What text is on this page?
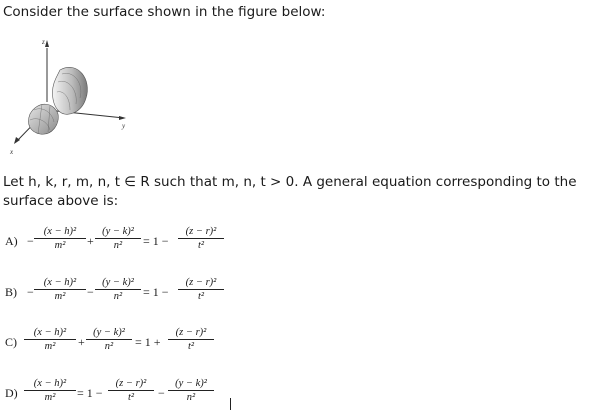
Consider the surface shown in the figure below:
z
y
x
Let h, k, r, m, n, t ∈ R such that m, n, t > 0. A general equation corresponding to the surface above is:
A) −
(x − h)²
m²	+
(y − k)²
n²	= 1 −
(z − r)²
t²
B) −
(x − h)²
m²	−
(y − k)²
n²	= 1 −
(z − r)²
t²
C)
(x − h)²
m²	+
(y − k)²
n²	= 1 +
(z − r)²
t²
D)
(x − h)²
m²	= 1 −
(z − r)²
t²	−
(y − k)²
n²
